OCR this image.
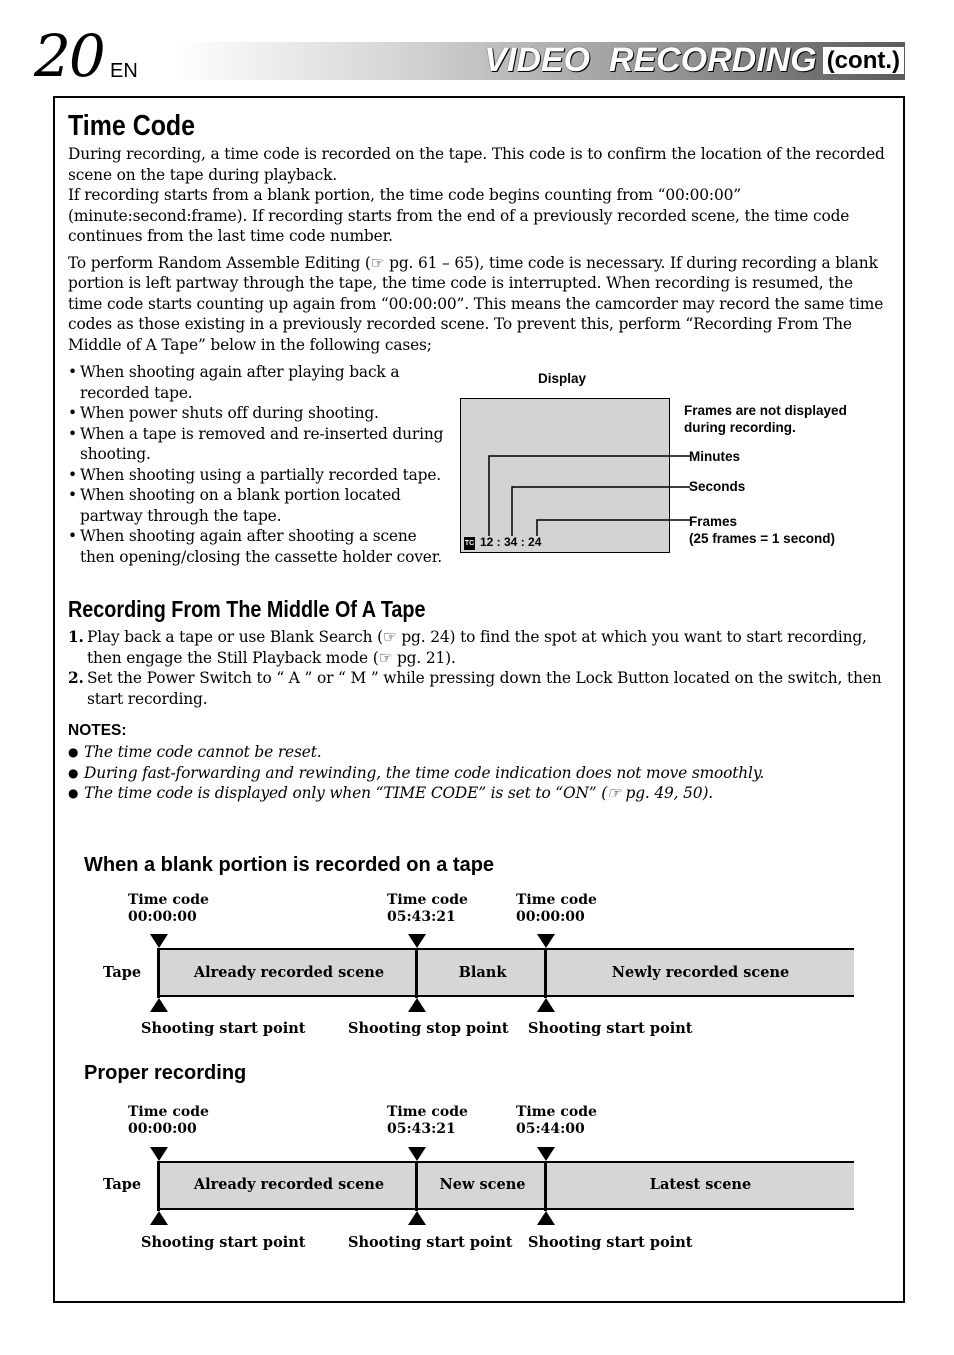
20 EN	VIDEO  RECORDING (cont.)
Time Code

During recording, a time code is recorded on the tape. This code is to confirm the location of the recorded scene on the tape during playback.

If recording starts from a blank portion, the time code begins counting from “00:00:00” (minute:second:frame). If recording starts from the end of a previously recorded scene, the time code continues from the last time code number.

To perform Random Assemble Editing (☞ pg. 61 – 65), time code is necessary. If during recording a blank portion is left partway through the tape, the time code is interrupted. When recording is resumed, the time code starts counting up again from “00:00:00”. This means the camcorder may record the same time codes as those existing in a previously recorded scene. To prevent this, perform “Recording From The Middle of A Tape” below in the following cases;

• When shooting again after playing back a recorded tape.
• When power shuts off during shooting.
• When a tape is removed and re-inserted during shooting.
• When shooting using a partially recorded tape.
• When shooting on a blank portion located partway through the tape.
• When shooting again after shooting a scene then opening/closing the cassette holder cover.
Display
TC 12 : 34 : 24
Frames are not displayed during recording.
Minutes
Seconds
Frames
(25 frames = 1 second)
Recording From The Middle Of A Tape
1. Play back a tape or use Blank Search (☞ pg. 24) to find the spot at which you want to start recording, then engage the Still Playback mode (☞ pg. 21).
2. Set the Power Switch to “ A ” or “ M ” while pressing down the Lock Button located on the switch, then start recording.
NOTES:
● The time code cannot be reset.
● During fast-forwarding and rewinding, the time code indication does not move smoothly.
● The time code is displayed only when “TIME CODE” is set to “ON” (☞ pg. 49, 50).
When a blank portion is recorded on a tape
Time code
00:00:00
Time code
05:43:21
Time code
00:00:00
Tape	Already recorded scene	Blank	Newly recorded scene
Shooting start point	Shooting stop point Shooting start point
Proper recording
Time code
00:00:00
Time code
05:43:21
Time code
05:44:00
Tape	Already recorded scene	New scene	Latest scene
Shooting start point	Shooting start point Shooting start point
